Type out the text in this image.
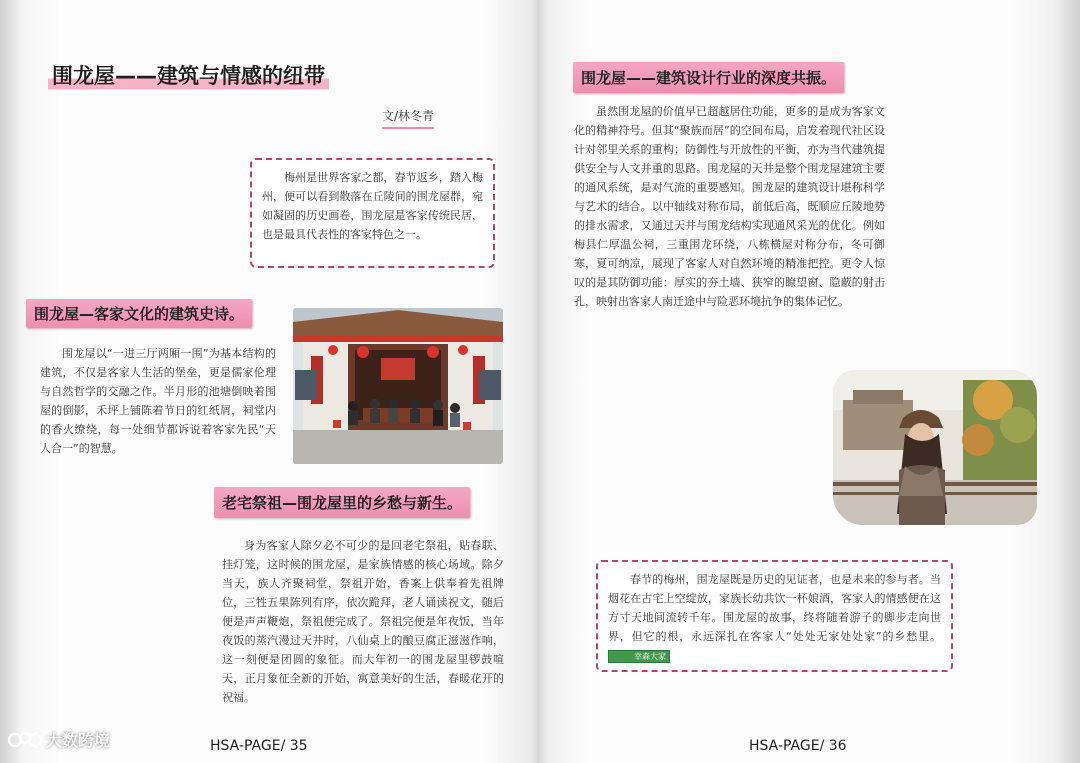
围龙屋——建筑与情感的纽带
文/林冬青

梅州是世界客家之都，春节返乡，踏入梅州，便可以看到散落在丘陵间的围龙屋群，宛如凝固的历史画卷，围龙屋是客家传统民居，也是最具代表性的客家特色之一。

围龙屋—客家文化的建筑史诗。

围龙屋以“一进三厅两厢一围”为基本结构的建筑，不仅是客家人生活的堡垒，更是儒家伦理与自然哲学的交融之作。半月形的池塘倒映着围屋的倒影，禾坪上铺陈着节日的红纸屑，祠堂内的香火缭绕，每一处细节都诉说着客家先民“天人合一”的智慧。

老宅祭祖—围龙屋里的乡愁与新生。

身为客家人除夕必不可少的是回老宅祭祖，贴春联、挂灯笼，这时候的围龙屋，是家族情感的核心场域。除夕当天，族人齐聚祠堂，祭祖开始，香案上供奉着先祖牌位，三牲五果陈列有序，依次跪拜，老人诵读祝文，随后便是声声鞭炮，祭祖便完成了。祭祖完便是年夜饭，当年夜饭的蒸汽漫过天井时，八仙桌上的酿豆腐正滋滋作响，这一刻便是团圆的象征。而大年初一的围龙屋里锣鼓喧天，正月象征全新的开始，寓意美好的生活，春暖花开的祝福。

HSA-PAGE/ 35
围龙屋——建筑设计行业的深度共振。

虽然围龙屋的价值早已超越居住功能，更多的是成为客家文化的精神符号。但其“聚族而居”的空间布局，启发着现代社区设计对邻里关系的重构；防御性与开放性的平衡，亦为当代建筑提供安全与人文并重的思路。围龙屋的天井是整个围龙屋建筑主要的通风系统，是对气流的重要感知。围龙屋的建筑设计堪称科学与艺术的结合。以中轴线对称布局，前低后高，既顺应丘陵地势的排水需求，又通过天井与围龙结构实现通风采光的优化。例如梅县仁厚温公祠，三重围龙环绕，八栋横屋对称分布，冬可御寒，夏可纳凉，展现了客家人对自然环境的精准把控。更令人惊叹的是其防御功能：厚实的夯土墙、狭窄的瞭望窗、隐蔽的射击孔，映射出客家人南迁途中与险恶环境抗争的集体记忆。

春节的梅州，围龙屋既是历史的见证者，也是未来的参与者。当烟花在古宅上空绽放，家族长幼共饮一杯娘酒，客家人的情感便在这方寸天地间流转千年。围龙屋的故事，终将随着游子的脚步走向世界，但它的根，永远深扎在客家人“处处无家处处家”的乡愁里。 幸森大家

HSA-PAGE/ 36
大数跨境
